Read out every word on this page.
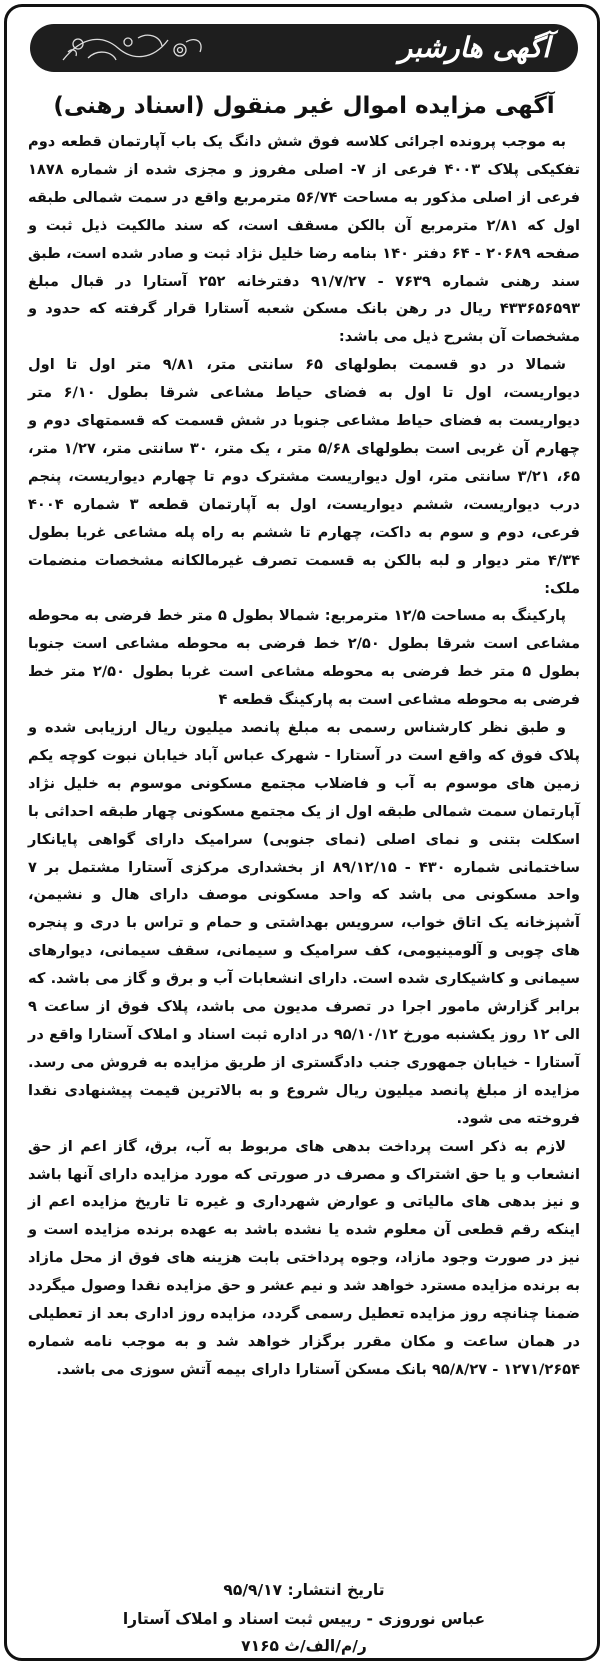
آگهی هارشبر
آگهی مزایده اموال غیر منقول (اسناد رهنی)

به موجب پرونده اجرائی کلاسه فوق شش دانگ یک باب آپارتمان قطعه دوم تفکیکی پلاک ۴۰۰۳ فرعی از ۷- اصلی مفروز و مجزی شده از شماره ۱۸۷۸ فرعی از اصلی مذکور به مساحت ۵۶/۷۴ مترمربع واقع در سمت شمالی طبقه اول که ۲/۸۱ مترمربع آن بالکن مسقف است، که سند مالکیت ذیل ثبت و صفحه ۲۰۶۸۹ - ۶۴ دفتر ۱۴۰ بنامه رضا خلیل نژاد ثبت و صادر شده است، طبق سند رهنی شماره ۷۶۳۹ - ۹۱/۷/۲۷ دفترخانه ۲۵۲ آستارا در قبال مبلغ ۴۳۳۶۵۶۵۹۳ ریال در رهن بانک مسکن شعبه آستارا قرار گرفته که حدود و مشخصات آن بشرح ذیل می باشد:

شمالا در دو قسمت بطولهای ۶۵ سانتی متر، ۹/۸۱ متر اول تا اول دیواریست، اول تا اول به فضای حیاط مشاعی شرقا بطول ۶/۱۰ متر دیواریست به فضای حیاط مشاعی جنوبا در شش قسمت که قسمتهای دوم و چهارم آن غربی است بطولهای ۵/۶۸ متر ، یک متر، ۳۰ سانتی متر، ۱/۲۷ متر، ۶۵، ۳/۲۱ سانتی متر، اول دیواریست مشترک دوم تا چهارم دیواریست، پنجم درب دیواریست، ششم دیواریست، اول به آپارتمان قطعه ۳ شماره ۴۰۰۴ فرعی، دوم و سوم به داکت، چهارم تا ششم به راه پله مشاعی غربا بطول ۴/۳۴ متر دیوار و لبه بالکن به قسمت تصرف غیرمالکانه مشخصات منضمات ملک:

پارکینگ به مساحت ۱۲/۵ مترمربع: شمالا بطول ۵ متر خط فرضی به محوطه مشاعی است شرقا بطول ۲/۵۰ خط فرضی به محوطه مشاعی است جنوبا بطول ۵ متر خط فرضی به محوطه مشاعی است غربا بطول ۲/۵۰ متر خط فرضی به محوطه مشاعی است به پارکینگ قطعه ۴

و طبق نظر کارشناس رسمی به مبلغ پانصد میلیون ریال ارزیابی شده و پلاک فوق که واقع است در آستارا - شهرک عباس آباد خیابان نبوت کوچه یکم زمین های موسوم به آب و فاضلاب مجتمع مسکونی موسوم به خلیل نژاد آپارتمان سمت شمالی طبقه اول از یک مجتمع مسکونی چهار طبقه احداثی با اسکلت بتنی و نمای اصلی (نمای جنوبی) سرامیک دارای گواهی پایانکار ساختمانی شماره ۴۳۰ - ۸۹/۱۲/۱۵ از بخشداری مرکزی آستارا مشتمل بر ۷ واحد مسکونی می باشد که واحد مسکونی موصف دارای هال و نشیمن، آشپزخانه یک اتاق خواب، سرویس بهداشتی و حمام و تراس با دری و پنجره های چوبی و آلومینیومی، کف سرامیک و سیمانی، سقف سیمانی، دیوارهای سیمانی و کاشیکاری شده است. دارای انشعابات آب و برق و گاز می باشد. که برابر گزارش مامور اجرا در تصرف مدیون می باشد، پلاک فوق از ساعت ۹ الی ۱۲ روز یکشنبه مورخ ۹۵/۱۰/۱۲ در اداره ثبت اسناد و املاک آستارا واقع در آستارا - خیابان جمهوری جنب دادگستری از طریق مزایده به فروش می رسد. مزایده از مبلغ پانصد میلیون ریال شروع و به بالاترین قیمت پیشنهادی نقدا فروخته می شود.

لازم به ذکر است پرداخت بدهی های مربوط به آب، برق، گاز اعم از حق انشعاب و یا حق اشتراک و مصرف در صورتی که مورد مزایده دارای آنها باشد و نیز بدهی های مالیاتی و عوارض شهرداری و غیره تا تاریخ مزایده اعم از اینکه رقم قطعی آن معلوم شده یا نشده باشد به عهده برنده مزایده است و نیز در صورت وجود مازاد، وجوه پرداختی بابت هزینه های فوق از محل مازاد به برنده مزایده مسترد خواهد شد و نیم عشر و حق مزایده نقدا وصول میگردد ضمنا چنانچه روز مزایده تعطیل رسمی گردد، مزایده روز اداری بعد از تعطیلی در همان ساعت و مکان مقرر برگزار خواهد شد و به موجب نامه شماره ۱۲۷۱/۲۶۵۴ - ۹۵/۸/۲۷ بانک مسکن آستارا دارای بیمه آتش سوزی می باشد.

تاریخ انتشار: ۹۵/۹/۱۷
عباس نوروزی - رییس ثبت اسناد و املاک آستارا
ر/م/الف/ث ۷۱۶۵
